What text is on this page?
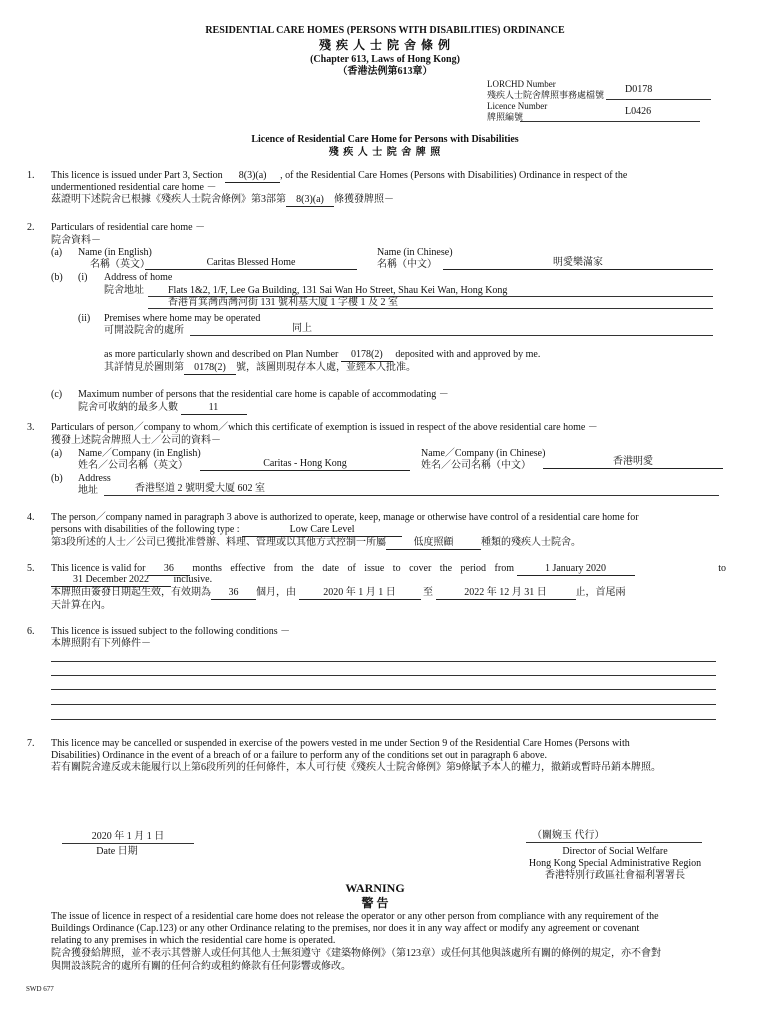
RESIDENTIAL CARE HOMES (PERSONS WITH DISABILITIES) ORDINANCE
殘 疾 人 士 院 舍 條 例
(Chapter 613, Laws of Hong Kong)
（香港法例第613章）
LORCHD Number
殘疾人士院舍牌照事務處檔號 D0178
Licence Number
牌照編號	L0426
Licence of Residential Care Home for Persons with Disabilities
殘 疾 人 士 院 舍 牌 照
1. This licence is issued under Part 3, Section 8(3)(a) , of the Residential Care Homes (Persons with Disabilities) Ordinance in respect of the
undermentioned residential care home －
茲證明下述院舍已根據《殘疾人士院舍條例》第3部第 8(3)(a) 條獲發牌照－
2. Particulars of residential care home －
院舍資料－
(a) Name (in English)
名稱（英文）	Caritas Blessed Home
Name (in Chinese)
名稱（中文）	明愛樂滿家
(b) (i) Address of home
院舍地址 Flats 1&2, 1/F, Lee Ga Building, 131 Sai Wan Ho Street, Shau Kei Wan, Hong Kong
香港筲箕灣西灣河街 131 號利基大厦 1 字樓 1 及 2 室
(ii) Premises where home may be operated
可開設院舍的處所	同上
as more particularly shown and described on Plan Number 0178(2) deposited with and approved by me.
其詳情見於圖則第 0178(2) 號，該圖則現存本人處，並經本人批准。
(c) Maximum number of persons that the residential care home is capable of accommodating －
院舍可收納的最多人數	11
3. Particulars of person／company to whom／which this certificate of exemption is issued in respect of the above residential care home －
獲發上述院舍牌照人士／公司的資料－
(a) Name／Company (in English)
姓名／公司名稱（英文）	Caritas - Hong Kong
Name／Company (in Chinese)
姓名／公司名稱（中文）	香港明愛
(b) Address
地址	香港堅道 2 號明愛大厦 602 室
4. The person／company named in paragraph 3 above is authorized to operate, keep, manage or otherwise have control of a residential care home for
persons with disabilities of the following type :	Low Care Level
第3段所述的人士／公司已獲批准營辦、料理、管理或以其他方式控制一所屬	低度照顧	種類的殘疾人士院舍。
5. This licence is valid for 36 months effective from the date of issue to cover the period from	1 January 2020	to
31 December 2022 inclusive.
本牌照由簽發日期起生效，有效期為 36 個月，由	2020 年 1 月 1 日	至	2022 年 12 月 31 日	止，首尾兩
天計算在內。
6. This licence is issued subject to the following conditions －
本牌照附有下列條件－
7. This licence may be cancelled or suspended in exercise of the powers vested in me under Section 9 of the Residential Care Homes (Persons with
Disabilities) Ordinance in the event of a breach of or a failure to perform any of the conditions set out in paragraph 6 above.
若有關院舍違反或未能履行以上第6段所列的任何條件，本人可行使《殘疾人士院舍條例》第9條賦予本人的權力，撤銷或暫時吊銷本牌照。
2020 年 1 月 1 日
Date 日期
（關婉玉 代行）
Director of Social Welfare
Hong Kong Special Administrative Region
香港特別行政區社會福利署署長
WARNING
警 告
The issue of licence in respect of a residential care home does not release the operator or any other person from compliance with any requirement of the
Buildings Ordinance (Cap.123) or any other Ordinance relating to the premises, nor does it in any way affect or modify any agreement or covenant
relating to any premises in which the residential care home is operated.
院舍獲發給牌照，並不表示其營辦人或任何其他人士無須遵守《建築物條例》（第123章）或任何其他與該處所有關的條例的規定，亦不會對
與開設該院舍的處所有關的任何合約或租約條款有任何影響或修改。
SWD 677
